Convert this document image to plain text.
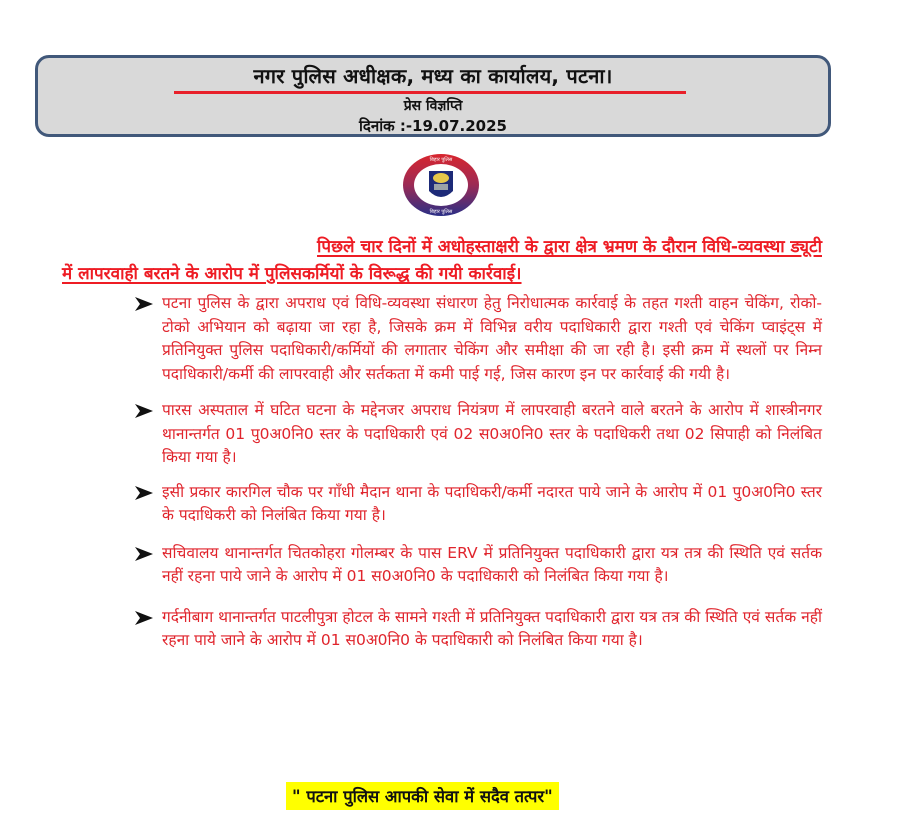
नगर पुलिस अधीक्षक, मध्य का कार्यालय, पटना।
प्रेस विज्ञप्ति
दिनांक :-19.07.2025
बिहार पुलिस
बिहार पुलिस
पिछले चार दिनों में अधोहस्ताक्षरी के द्वारा क्षेत्र भ्रमण के दौरान विधि-व्यवस्था ड्यूटी
में लापरवाही बरतने के आरोप में पुलिसकर्मियों के विरूद्ध की गयी कार्रवाई।
पटना पुलिस के द्वारा अपराध एवं विधि-व्यवस्था संधारण हेतु निरोधात्मक कार्रवाई के तहत गश्ती वाहन चेकिंग, रोको-टोको अभियान को बढ़ाया जा रहा है, जिसके क्रम में विभिन्न वरीय पदाधिकारी द्वारा गश्ती एवं चेकिंग प्वाइंट्स में प्रतिनियुक्त पुलिस पदाधिकारी/कर्मियों की लगातार चेकिंग और समीक्षा की जा रही है। इसी क्रम में स्थलों पर निम्न पदाधिकारी/कर्मी की लापरवाही और सर्तकता में कमी पाई गई, जिस कारण इन पर कार्रवाई की गयी है।
पारस अस्पताल में घटित घटना के मद्देनजर अपराध नियंत्रण में लापरवाही बरतने वाले बरतने के आरोप में शास्त्रीनगर थानान्तर्गत 01 पु0अ0नि0 स्तर के पदाधिकारी एवं 02 स0अ0नि0 स्तर के पदाधिकरी तथा 02 सिपाही को निलंबित किया गया है।
इसी प्रकार कारगिल चौक पर गाँधी मैदान थाना के पदाधिकरी/कर्मी नदारत पाये जाने के आरोप में 01 पु0अ0नि0 स्तर के पदाधिकरी को निलंबित किया गया है।
सचिवालय थानान्तर्गत चितकोहरा गोलम्बर के पास ERV में प्रतिनियुक्त पदाधिकारी द्वारा यत्र तत्र की स्थिति एवं सर्तक नहीं रहना पाये जाने के आरोप में 01 स0अ0नि0 के पदाधिकारी को निलंबित किया गया है।
गर्दनीबाग थानान्तर्गत पाटलीपुत्रा होटल के सामने गश्ती में प्रतिनियुक्त पदाधिकारी द्वारा यत्र तत्र की स्थिति एवं सर्तक नहीं रहना पाये जाने के आरोप में 01 स0अ0नि0 के पदाधिकारी को निलंबित किया गया है।
" पटना पुलिस आपकी सेवा में सदैव तत्पर"
